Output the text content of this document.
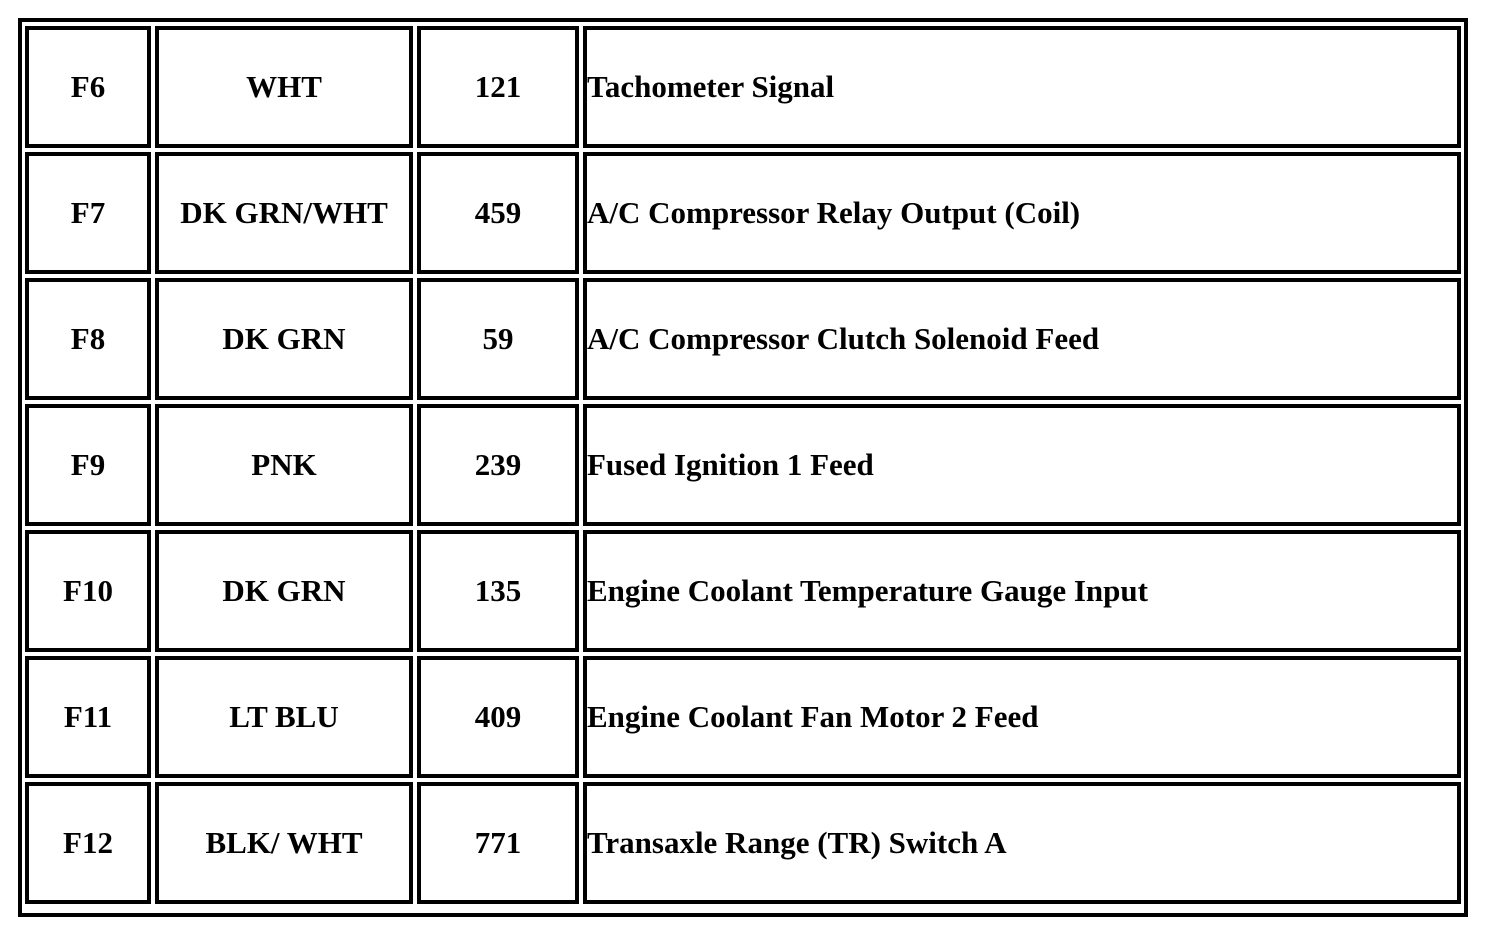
F6	WHT	121	Tachometer Signal
F7	DK GRN/WHT	459	A/C Compressor Relay Output (Coil)
F8	DK GRN	59	A/C Compressor Clutch Solenoid Feed
F9	PNK	239	Fused Ignition 1 Feed
F10	DK GRN	135	Engine Coolant Temperature Gauge Input
F11	LT BLU	409	Engine Coolant Fan Motor 2 Feed
F12	BLK/ WHT	771	Transaxle Range (TR) Switch A
